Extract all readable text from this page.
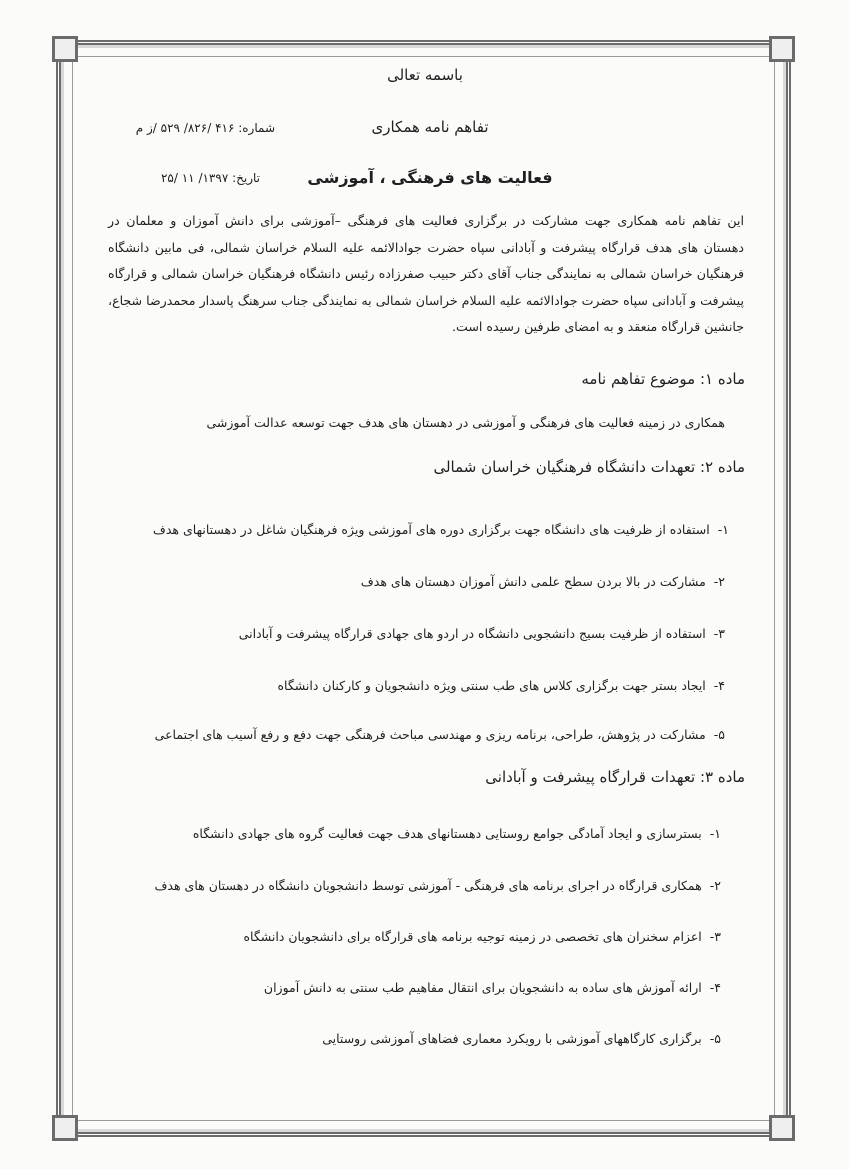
باسمه تعالی
تفاهم نامه همکاری
فعالیت های فرهنگی ، آموزشی
شماره: ۴۱۶ /۸۲۶/ ۵۲۹ /ز م
تاریخ: ۱۳۹۷/ ۱۱ /۲۵
این تفاهم نامه همکاری جهت مشارکت در برگزاری فعالیت های فرهنگی –آموزشی برای دانش آموزان و معلمان در دهستان های هدف قرارگاه پیشرفت و آبادانی سپاه حضرت جوادالائمه علیه السلام خراسان شمالی، فی مابین دانشگاه فرهنگیان خراسان شمالی به نمایندگی جناب آقای دکتر حبیب صفرزاده رئیس دانشگاه فرهنگیان خراسان شمالی و قرارگاه پیشرفت و آبادانی سپاه حضرت جوادالائمه علیه السلام خراسان شمالی به نمایندگی جناب سرهنگ پاسدار محمدرضا شجاع، جانشین قرارگاه منعقد و به امضای طرفین رسیده است.
ماده ۱: موضوع تفاهم نامه
همکاری در زمینه فعالیت های فرهنگی و آموزشی در دهستان های هدف جهت توسعه عدالت آموزشی
ماده ۲: تعهدات دانشگاه فرهنگیان خراسان شمالی
۱-استفاده از ظرفیت های دانشگاه جهت برگزاری دوره های آموزشی ویژه فرهنگیان شاغل در دهستانهای هدف
۲-مشارکت در بالا بردن سطح علمی دانش آموزان دهستان های هدف
۳-استفاده از ظرفیت بسیج دانشجویی دانشگاه در اردو های جهادی قرارگاه پیشرفت و آبادانی
۴-ایجاد بستر جهت برگزاری کلاس های طب سنتی ویژه دانشجویان و کارکنان دانشگاه
۵-مشارکت در پژوهش، طراحی، برنامه ریزی و مهندسی مباحث فرهنگی جهت دفع و رفع آسیب های اجتماعی
ماده ۳: تعهدات قرارگاه پیشرفت و آبادانی
۱-بسترسازی و ایجاد آمادگی جوامع روستایی دهستانهای هدف جهت فعالیت گروه های جهادی دانشگاه
۲-همکاری قرارگاه در اجرای برنامه های فرهنگی - آموزشی توسط دانشجویان دانشگاه در دهستان های هدف
۳-اعزام سخنران های تخصصی در زمینه توجیه برنامه های قرارگاه برای دانشجویان دانشگاه
۴-ارائه آموزش های ساده به دانشجویان برای انتقال مفاهیم طب سنتی به دانش آموزان
۵-برگزاری کارگاههای آموزشی با رویکرد معماری فضاهای آموزشی روستایی
